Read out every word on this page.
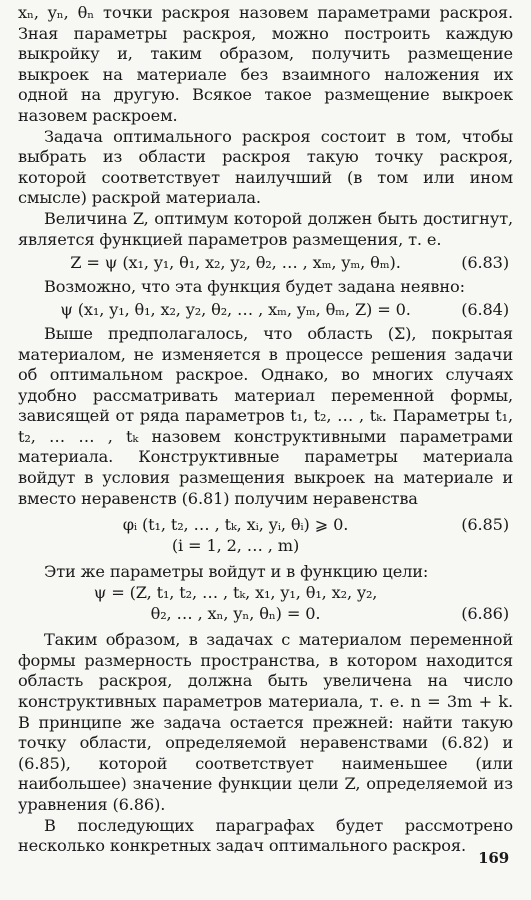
xₙ, yₙ, θₙ точки раскроя назовем параметрами раскроя. Зная параметры раскроя, можно построить каждую выкройку и, таким образом, получить размещение выкроек на материале без взаимного наложения их одной на другую. Всякое такое размещение выкроек назовем раскроем.

Задача оптимального раскроя состоит в том, чтобы выбрать из области раскроя такую точку раскроя, которой соответствует наилучший (в том или ином смысле) раскрой материала.

Величина Z, оптимум которой должен быть достигнут, является функцией параметров размещения, т. е.

Z = ψ (x₁, y₁, θ₁, x₂, y₂, θ₂, … , xₘ, yₘ, θₘ).	(6.83)

Возможно, что эта функция будет задана неявно:

ψ (x₁, y₁, θ₁, x₂, y₂, θ₂, … , xₘ, yₘ, θₘ, Z) = 0.	(6.84)

Выше предполагалось, что область (Σ), покрытая материалом, не изменяется в процессе решения задачи об оптимальном раскрое. Однако, во многих случаях удобно рассматривать материал переменной формы, зависящей от ряда параметров t₁, t₂, … , tₖ. Параметры t₁, t₂, … … , tₖ назовем конструктивными параметрами материала. Конструктивные параметры материала войдут в условия размещения выкроек на материале и вместо неравенств (6.81) получим неравенства

φᵢ (t₁, t₂, … , tₖ, xᵢ, yᵢ, θᵢ) ⩾ 0.	(6.85)
(i = 1, 2, … , m)

Эти же параметры войдут и в функцию цели:

ψ = (Z, t₁, t₂, … , tₖ, x₁, y₁, θ₁, x₂, y₂,
θ₂, … , xₙ, yₙ, θₙ) = 0.	(6.86)

Таким образом, в задачах с материалом переменной формы размерность пространства, в котором находится область раскроя, должна быть увеличена на число конструктивных параметров материала, т. е. n = 3m + k. В принципе же задача остается прежней: найти такую точку области, определяемой неравенствами (6.82) и (6.85), которой соответствует наименьшее (или наибольшее) значение функции цели Z, определяемой из уравнения (6.86).

В последующих параграфах будет рассмотрено несколько конкретных задач оптимального раскроя.

169
